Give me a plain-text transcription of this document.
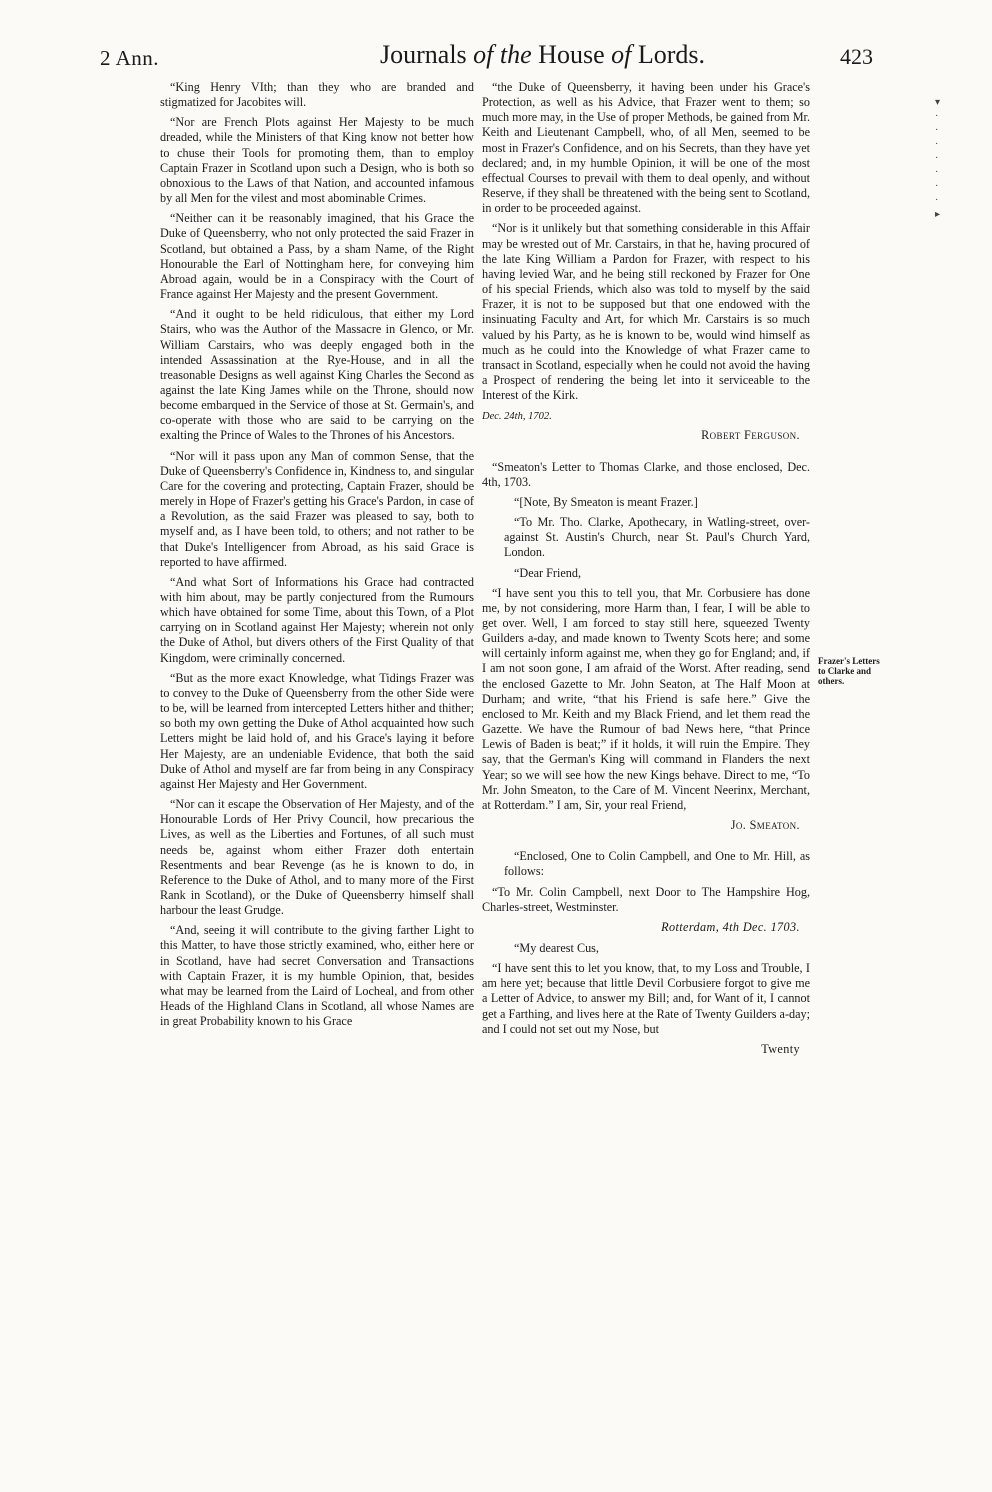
2 Ann.	Journals of the House of Lords.	423

“ King Henry VIth; than they who are branded and stigmatized for Jacobites will.

“ Nor are French Plots against Her Majesty to be much dreaded, while the Ministers of that King know not better how to chuse their Tools for promoting them, than to employ Captain Frazer in Scotland upon such a Design, who is both so obnoxious to the Laws of that Nation, and accounted infamous by all Men for the vilest and most abominable Crimes.

“ Neither can it be reasonably imagined, that his Grace the Duke of Queensberry, who not only protected the said Frazer in Scotland, but obtained a Pass, by a sham Name, of the Right Honourable the Earl of Nottingham here, for conveying him Abroad again, would be in a Conspiracy with the Court of France against Her Majesty and the present Government.

“ And it ought to be held ridiculous, that either my Lord Stairs, who was the Author of the Massacre in Glenco, or Mr. William Carstairs, who was deeply engaged both in the intended Assassination at the Rye-House, and in all the treasonable Designs as well against King Charles the Second as against the late King James while on the Throne, should now become embarqued in the Service of those at St. Germain's, and co-operate with those who are said to be carrying on the exalting the Prince of Wales to the Thrones of his Ancestors.

“ Nor will it pass upon any Man of common Sense, that the Duke of Queensberry's Confidence in, Kindness to, and singular Care for the covering and protecting, Captain Frazer, should be merely in Hope of Frazer's getting his Grace's Pardon, in case of a Revolution, as the said Frazer was pleased to say, both to myself and, as I have been told, to others; and not rather to be that Duke's Intelligencer from Abroad, as his said Grace is reported to have affirmed.

“ And what Sort of Informations his Grace had contracted with him about, may be partly conjectured from the Rumours which have obtained for some Time, about this Town, of a Plot carrying on in Scotland against Her Majesty; wherein not only the Duke of Athol, but divers others of the First Quality of that Kingdom, were criminally concerned.

“ But as the more exact Knowledge, what Tidings Frazer was to convey to the Duke of Queensberry from the other Side were to be, will be learned from intercepted Letters hither and thither; so both my own getting the Duke of Athol acquainted how such Letters might be laid hold of, and his Grace's laying it before Her Majesty, are an undeniable Evidence, that both the said Duke of Athol and myself are far from being in any Conspiracy against Her Majesty and Her Government.

“ Nor can it escape the Observation of Her Majesty, and of the Honourable Lords of Her Privy Council, how precarious the Lives, as well as the Liberties and Fortunes, of all such must needs be, against whom either Frazer doth entertain Resentments and bear Revenge (as he is known to do, in Reference to the Duke of Athol, and to many more of the First Rank in Scotland), or the Duke of Queensberry himself shall harbour the least Grudge.

“ And, seeing it will contribute to the giving farther Light to this Matter, to have those strictly examined, who, either here or in Scotland, have had secret Conversation and Transactions with Captain Frazer, it is my humble Opinion, that, besides what may be learned from the Laird of Locheal, and from other Heads of the Highland Clans in Scotland, all whose Names are in great Probability known to his Grace

“ the Duke of Queensberry, it having been under his Grace's Protection, as well as his Advice, that Frazer went to them; so much more may, in the Use of proper Methods, be gained from Mr. Keith and Lieutenant Campbell, who, of all Men, seemed to be most in Frazer's Confidence, and on his Secrets, than they have yet declared; and, in my humble Opinion, it will be one of the most effectual Courses to prevail with them to deal openly, and without Reserve, if they shall be threatened with the being sent to Scotland, in order to be proceeded against.

“ Nor is it unlikely but that something considerable in this Affair may be wrested out of Mr. Carstairs, in that he, having procured of the late King William a Pardon for Frazer, with respect to his having levied War, and he being still reckoned by Frazer for One of his special Friends, which also was told to myself by the said Frazer, it is not to be supposed but that one endowed with the insinuating Faculty and Art, for which Mr. Carstairs is so much valued by his Party, as he is known to be, would wind himself as much as he could into the Knowledge of what Frazer came to transact in Scotland, especially when he could not avoid the having a Prospect of rendering the being let into it serviceable to the Interest of the Kirk.

Dec. 24th, 1702.
Robert Ferguson.

“ Smeaton's Letter to Thomas Clarke, and those enclosed, Dec. 4th, 1703.

“ [Note, By Smeaton is meant Frazer.]

“ To Mr. Tho. Clarke, Apothecary, in Watling-street, over-against St. Austin's Church, near St. Paul's Church Yard, London.

“ Dear Friend,

“ I have sent you this to tell you, that Mr. Corbusiere has done me, by not considering, more Harm than, I fear, I will be able to get over. Well, I am forced to stay still here, squeezed Twenty Guilders a-day, and made known to Twenty Scots here; and some will certainly inform against me, when they go for England; and, if I am not soon gone, I am afraid of the Worst. After reading, send the enclosed Gazette to Mr. John Seaton, at The Half Moon at Durham; and write, “that his Friend is safe here.” Give the enclosed to Mr. Keith and my Black Friend, and let them read the Gazette. We have the Rumour of bad News here, “that Prince Lewis of Baden is beat;” if it holds, it will ruin the Empire. They say, that the German's King will command in Flanders the next Year; so we will see how the new Kings behave. Direct to me, “To Mr. John Smeaton, to the Care of M. Vincent Neerinx, Merchant, at Rotterdam.” I am, Sir, your real Friend,

Jo. Smeaton.

“ Enclosed, One to Colin Campbell, and One to Mr. Hill, as follows:

“ To Mr. Colin Campbell, next Door to The Hampshire Hog, Charles-street, Westminster.

Rotterdam, 4th Dec. 1703.

“ My dearest Cus,

“ I have sent this to let you know, that, to my Loss and Trouble, I am here yet; because that little Devil Corbusiere forgot to give me a Letter of Advice, to answer my Bill; and, for Want of it, I cannot get a Farthing, and lives here at the Rate of Twenty Guilders a-day; and I could not set out my Nose, but

Twenty
Frazer's Letters to Clarke and others.
▾
·
·
·
·
·
·
·
▸
